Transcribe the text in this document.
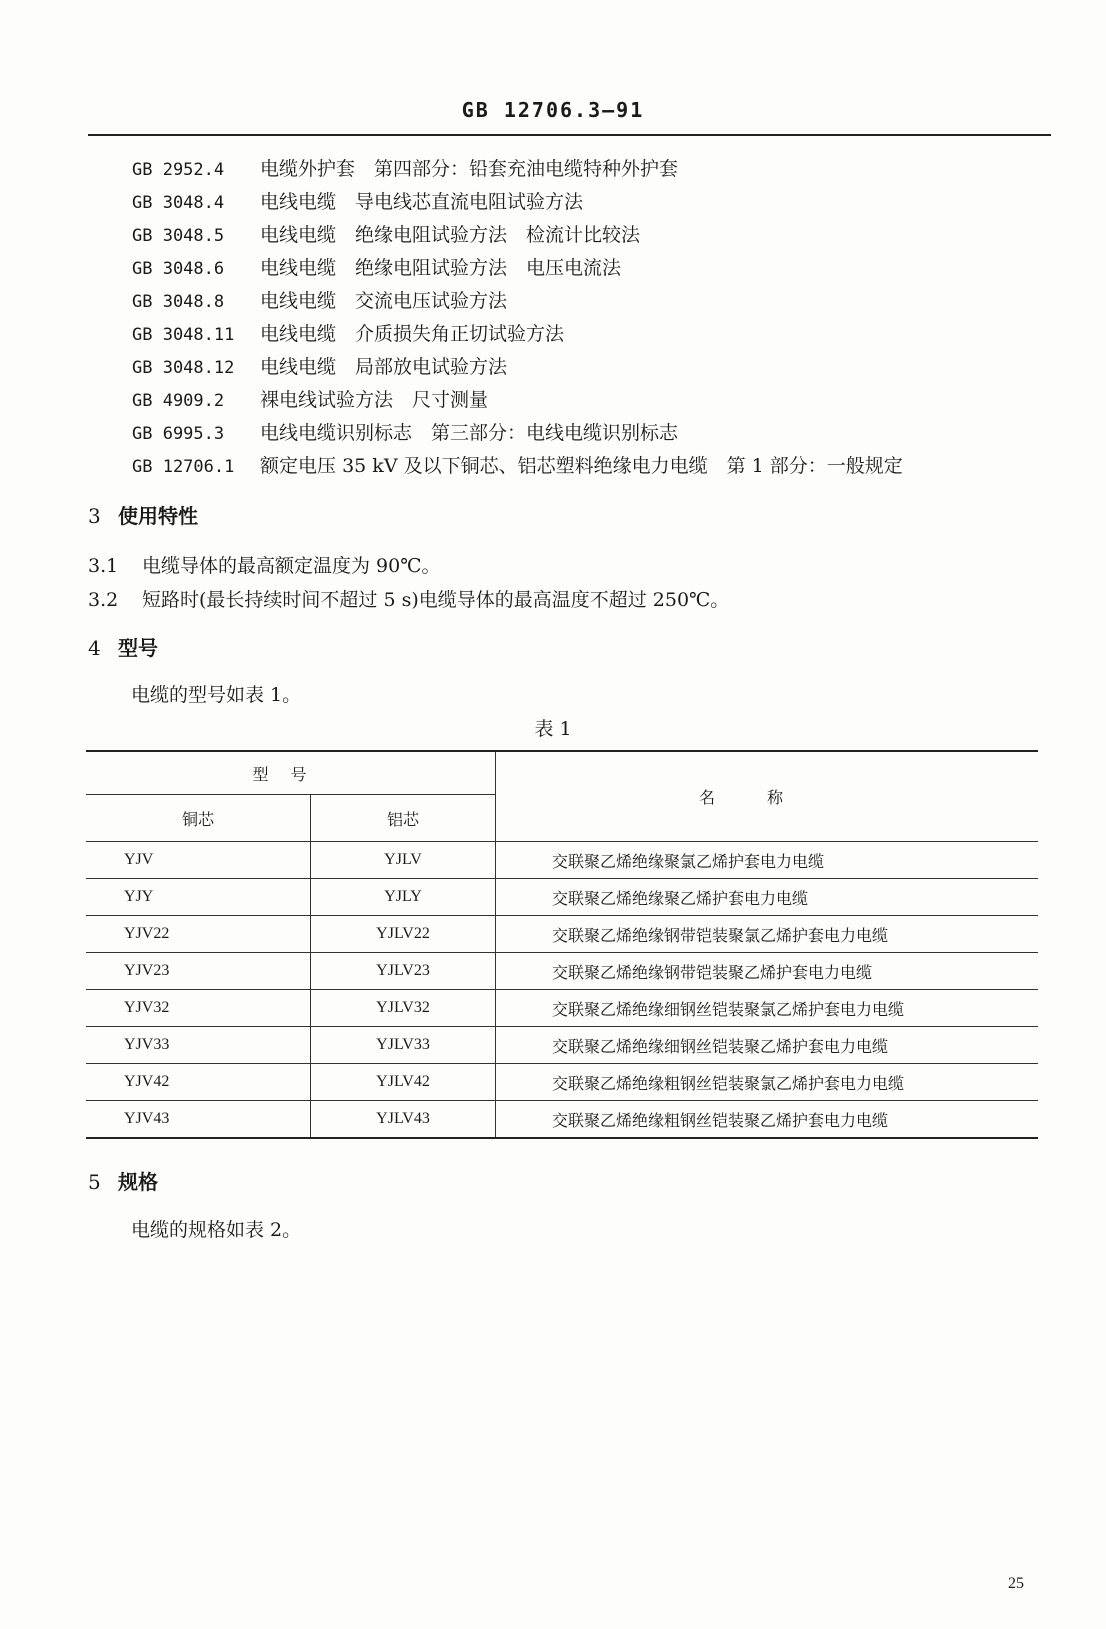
GB 12706.3—91
GB 2952.4 电缆外护套　第四部分：铅套充油电缆特种外护套
GB 3048.4 电线电缆　导电线芯直流电阻试验方法
GB 3048.5 电线电缆　绝缘电阻试验方法　检流计比较法
GB 3048.6 电线电缆　绝缘电阻试验方法　电压电流法
GB 3048.8 电线电缆　交流电压试验方法
GB 3048.11 电线电缆　介质损失角正切试验方法
GB 3048.12 电线电缆　局部放电试验方法
GB 4909.2 裸电线试验方法　尺寸测量
GB 6995.3 电线电缆识别标志　第三部分：电线电缆识别标志
GB 12706.1 额定电压 35 kV 及以下铜芯、铝芯塑料绝缘电力电缆　第 1 部分：一般规定
3 使用特性
3.1 电缆导体的最高额定温度为 90℃。
3.2 短路时(最长持续时间不超过 5 s)电缆导体的最高温度不超过 250℃。
4 型号
电缆的型号如表 1。
表 1
型号		名称
铜芯	铝芯	
YJV	YJLV	交联聚乙烯绝缘聚氯乙烯护套电力电缆
YJY	YJLY	交联聚乙烯绝缘聚乙烯护套电力电缆
YJV22	YJLV22	交联聚乙烯绝缘钢带铠装聚氯乙烯护套电力电缆
YJV23	YJLV23	交联聚乙烯绝缘钢带铠装聚乙烯护套电力电缆
YJV32	YJLV32	交联聚乙烯绝缘细钢丝铠装聚氯乙烯护套电力电缆
YJV33	YJLV33	交联聚乙烯绝缘细钢丝铠装聚乙烯护套电力电缆
YJV42	YJLV42	交联聚乙烯绝缘粗钢丝铠装聚氯乙烯护套电力电缆
YJV43	YJLV43	交联聚乙烯绝缘粗钢丝铠装聚乙烯护套电力电缆
5 规格
电缆的规格如表 2。
25
